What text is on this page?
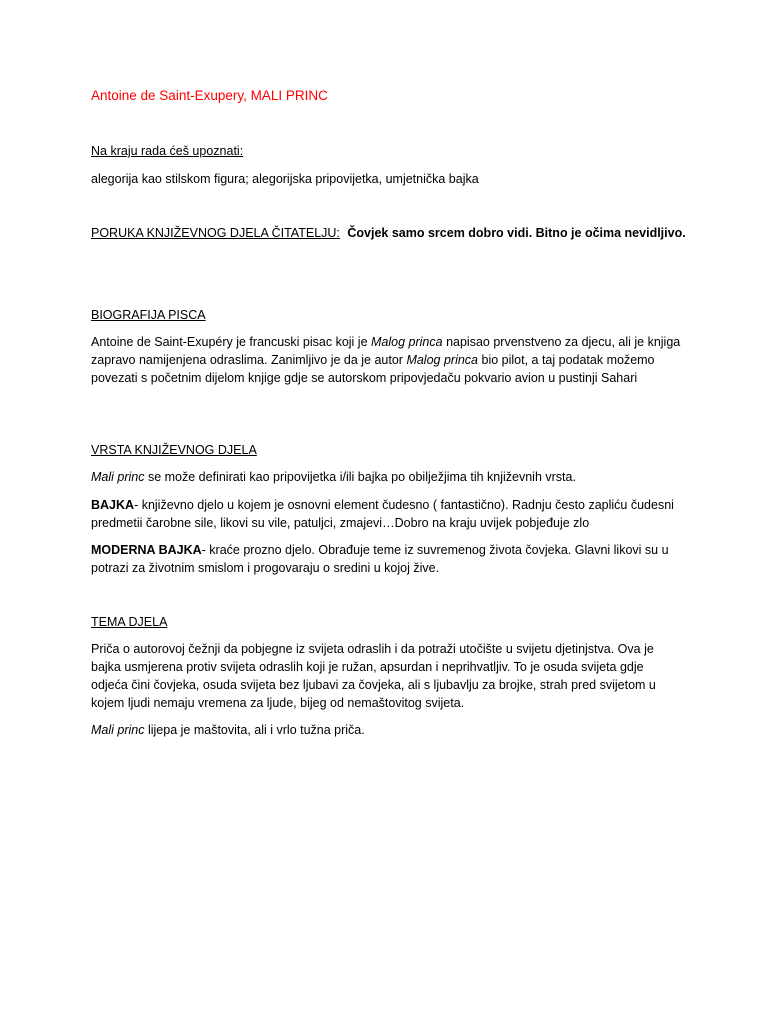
Antoine de Saint-Exupery, MALI PRINC
Na kraju rada ćeš upoznati:
alegorija kao stilskom figura; alegorijska pripovijetka, umjetnička bajka
PORUKA KNJIŽEVNOG DJELA ČITATELJU: Čovjek samo srcem dobro vidi. Bitno je očima nevidljivo.
BIOGRAFIJA PISCA
Antoine de Saint-Exupéry je francuski pisac koji je Malog princa napisao prvenstveno za djecu, ali je knjiga zapravo namijenjena odraslima. Zanimljivo je da je autor Malog princa bio pilot, a taj podatak možemo povezati s početnim dijelom knjige gdje se autorskom pripovjedaču pokvario avion u pustinji Sahari
VRSTA KNJIŽEVNOG DJELA
Mali princ se može definirati kao pripovijetka i/ili bajka po obilježjima tih književnih vrsta.
BAJKA- književno djelo u kojem je osnovni element čudesno ( fantastično). Radnju često zapliću čudesni predmetii čarobne sile, likovi su vile, patuljci, zmajevi…Dobro na kraju uvijek pobjeđuje zlo
MODERNA BAJKA- kraće prozno djelo. Obrađuje teme iz suvremenog života čovjeka. Glavni likovi su u potrazi za životnim smislom i progovaraju o sredini u kojoj žive.
TEMA DJELA
Priča o autorovoj čežnji da pobjegne iz svijeta odraslih i da potraži utočište u svijetu djetinjstva. Ova je bajka usmjerena protiv svijeta odraslih koji je ružan, apsurdan i neprihvatljiv. To je osuda svijeta gdje odjeća čini čovjeka, osuda svijeta bez ljubavi za čovjeka, ali s ljubavlju za brojke, strah pred svijetom u kojem ljudi nemaju vremena za ljude, bijeg od nemaštovitog svijeta.
Mali princ lijepa je maštovita, ali i vrlo tužna priča.
